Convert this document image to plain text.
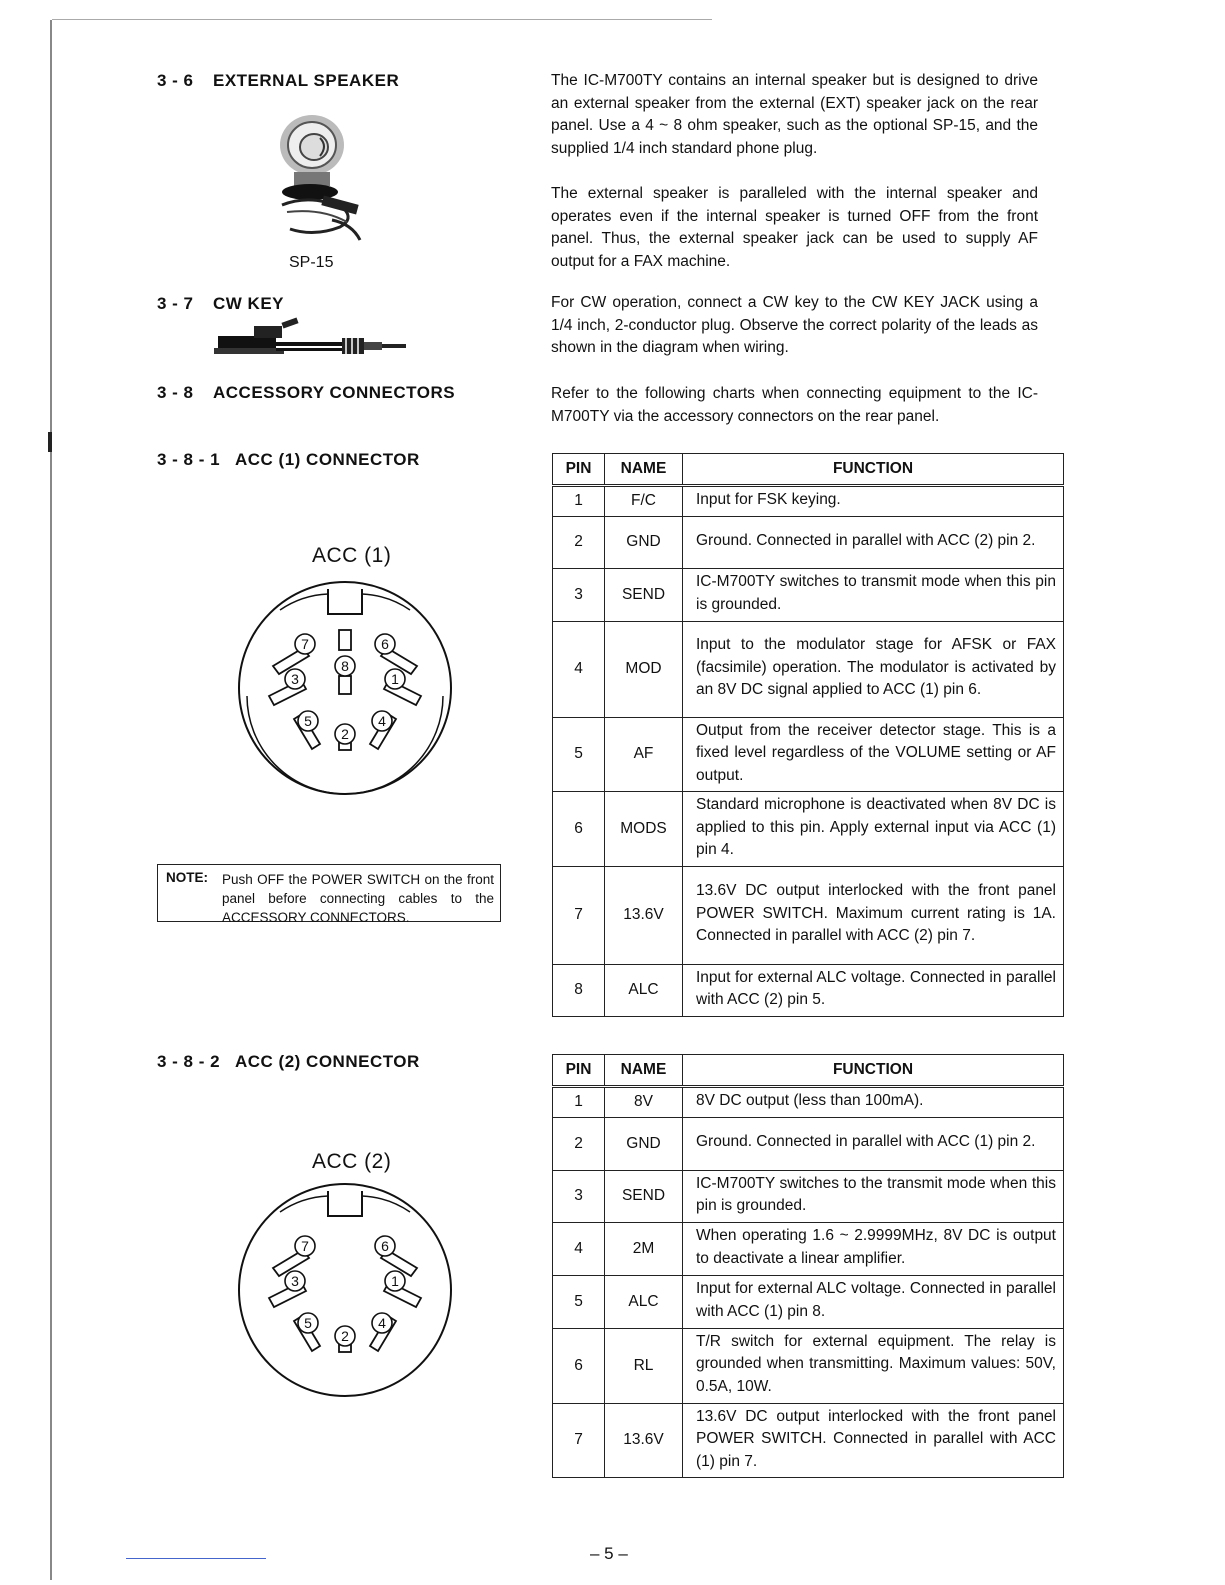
3 - 6 EXTERNAL SPEAKER
SP-15
The IC-M700TY contains an internal speaker but is designed to drive an external speaker from the external (EXT) speaker jack on the rear panel. Use a 4 ~ 8 ohm speaker, such as the optional SP-15, and the supplied 1/4 inch standard phone plug.
The external speaker is paralleled with the internal speaker and operates even if the internal speaker is turned OFF from the front panel. Thus, the external speaker jack can be used to supply AF output for a FAX machine.
3 - 7 CW KEY	For CW operation, connect a CW key to the CW KEY JACK using a 1/4 inch, 2-conductor plug. Observe the correct polarity of the leads as shown in the diagram when wiring.
3 - 8 ACCESSORY CONNECTORS	Refer to the following charts when connecting equipment to the IC-M700TY via the accessory connectors on the rear panel.
3 - 8 - 1 ACC (1) CONNECTOR
ACC (1)
7	6
3	1
8
5	4
2
NOTE: Push OFF the POWER SWITCH on the front panel before connecting cables to the ACCESSORY CONNECTORS.
PIN	NAME	FUNCTION
1	F/C	Input for FSK keying.
2	GND	Ground. Connected in parallel with ACC (2) pin 2.
3	SEND	IC-M700TY switches to transmit mode when this pin is grounded.
4	MOD	Input to the modulator stage for AFSK or FAX (facsimile) operation. The modulator is activated by an 8V DC signal applied to ACC (1) pin 6.
5	AF	Output from the receiver detector stage. This is a fixed level regardless of the VOLUME setting or AF output.
6	MODS	Standard microphone is deactivated when 8V DC is applied to this pin. Apply external input via ACC (1) pin 4.
7	13.6V	13.6V DC output interlocked with the front panel POWER SWITCH. Maximum current rating is 1A. Connected in parallel with ACC (2) pin 7.
8	ALC	Input for external ALC voltage. Connected in parallel with ACC (2) pin 5.
3 - 8 - 2 ACC (2) CONNECTOR
ACC (2)
7	6
3	1
5	4
2
PIN	NAME	FUNCTION
1	8V	8V DC output (less than 100mA).
2	GND	Ground. Connected in parallel with ACC (1) pin 2.
3	SEND	IC-M700TY switches to the transmit mode when this pin is grounded.
4	2M	When operating 1.6 ~ 2.9999MHz, 8V DC is output to deactivate a linear amplifier.
5	ALC	Input for external ALC voltage. Connected in parallel with ACC (1) pin 8.
6	RL	T/R switch for external equipment. The relay is grounded when transmitting. Maximum values: 50V, 0.5A, 10W.
7	13.6V	13.6V DC output interlocked with the front panel POWER SWITCH. Connected in parallel with ACC (1) pin 7.
– 5 –
